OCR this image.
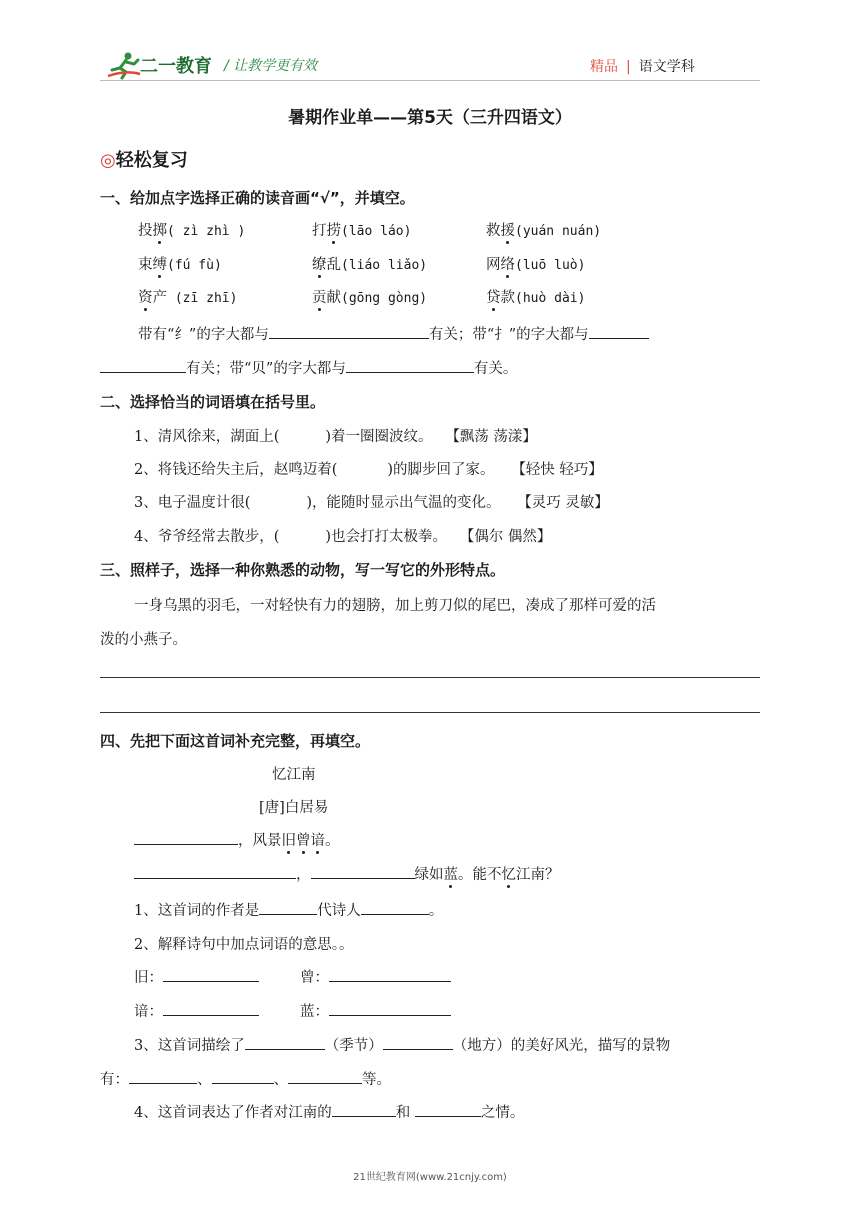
二一教育 / 让教学更有效	精品 | 语文学科
暑期作业单——第5天（三升四语文）
◎轻松复习
一、给加点字选择正确的读音画“√”，并填空。
投掷( zì zhì )	打捞(lāo láo)	救援(yuán nuán)
束缚(fú fù)	缭乱(liáo liǎo)	网络(luō luò)
资产 (zī zhī)	贡献(gōng gòng)	贷款(huò dài)
带有“纟”的字大都与	有关；带“扌”的字大都与
有关；带“贝”的字大都与	有关。
二、选择恰当的词语填在括号里。
1、清风徐来，湖面上(	)着一圈圈波纹。 【飘荡 荡漾】
2、将钱还给失主后，赵鸣迈着(	)的脚步回了家。 【轻快 轻巧】
3、电子温度计很(	)，能随时显示出气温的变化。 【灵巧 灵敏】
4、爷爷经常去散步，(	)也会打打太极拳。 【偶尔 偶然】
三、照样子，选择一种你熟悉的动物，写一写它的外形特点。
一身乌黑的羽毛，一对轻快有力的翅膀，加上剪刀似的尾巴，凑成了那样可爱的活
泼的小燕子。
四、先把下面这首词补充完整，再填空。
忆江南
[唐]白居易
，风景旧曾谙。
，	绿如蓝。能不忆江南？
1、这首词的作者是	代诗人	。
2、解释诗句中加点词语的意思。。
旧：	曾：
谙：	蓝：
3、这首词描绘了	（季节）	（地方）的美好风光，描写的景物
有：	、	、	等。
4、这首词表达了作者对江南的	和	之情。
21世纪教育网(www.21cnjy.com)
